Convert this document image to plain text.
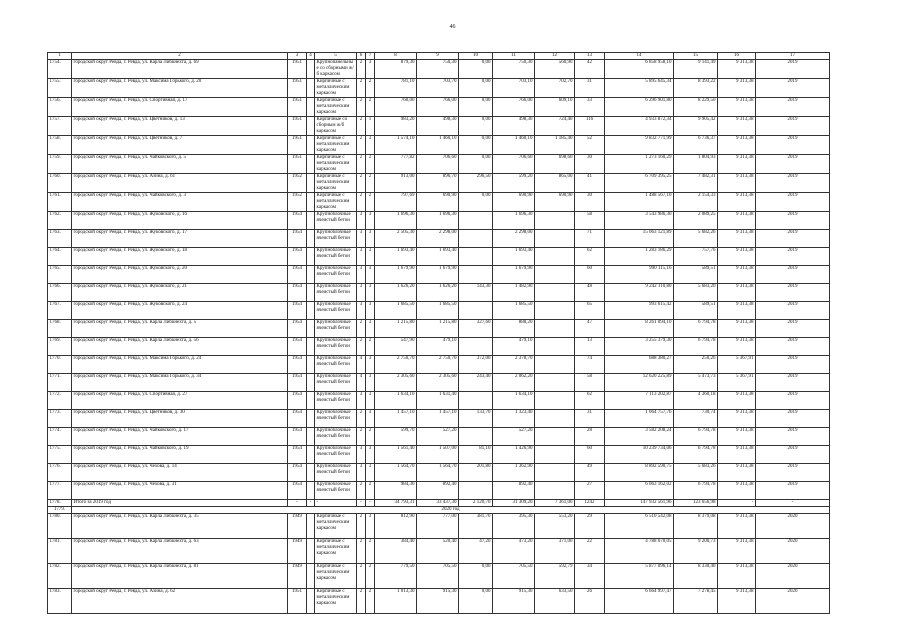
46
1	2	3	4	5	6	7	8	9	10	11	12	13	14	15	16	17
1754.	городской округ Ревда, г. Ревда, ул. Карла Либкнехта, д. 69	1951		Крупнопанельные со сборными ж/б каркасом	2	3	879,30	750,30	0,00	750,30	560,90	42	6 858 958,10	9 141,49	9 313,38	2019
1755.	городской округ Ревда, г. Ревда, ул. Максима Горького, д. 20	1951		Кирпичные с металлическим каркасом	2	2	781,10	703,70	0,00	703,10	702,70	31	5 895 645,34	8 393,22	9 313,38	2019
1756.	городской округ Ревда, г. Ревда, ул. Спортивная, д. 17	1951		Кирпичные с металлическим каркасом	2	2	760,00	766,00	0,00	766,00	609,10	33	6 296 901,80	8 229,50	9 313,38	2019
1757.	городской округ Ревда, г. Ревда, ул. Цветников, д. 13	1951		Кирпичные со сборным ж/б каркасом	2	1	983,20	498,30	0,00	498,30	724,40	116	4 933 872,34	9 905,42	9 313,38	2019
1758.	городской округ Ревда, г. Ревда, ул. Цветников, д. 7	1951		Кирпичные с металлическим каркасом	2	3	1 574,10	1 460,10	0,00	1 460,10	1 185,40	52	9 832 771,99	6 736,37	9 313,38	2019
1759.	городской округ Ревда, г. Ревда, ул. Чайковского, д. 5	1951		Кирпичные с металлическим каркасом	2	2	777,82	706,60	0,00	706,60	698,60	30	1 273 160,29	1 804,93	9 313,38	2019
1760.	городской округ Ревда, г. Ревда, ул. Азина, д. 61	1952		Кирпичные с металлическим каркасом	2	2	913,00	896,70	296,50	599,20	865,00	41	6 709 395,25	7 482,31	9 313,38	2019
1761.	городской округ Ревда, г. Ревда, ул. Чайковского, д. 3	1952		Кирпичные с металлическим каркасом	2	2	797,69	690,90	0,00	690,90	690,90	30	1 488 567,10	2 154,33	9 313,38	2019
1762.	городской округ Ревда, г. Ревда, ул. Жуковского, д. 16	1954		Крупноблочные ячеистый бетон	3	3	1 696,30	1 696,30		1 696,30		58	3 543 986,30	2 089,25	9 313,38	2019
1763.	городской округ Ревда, г. Ревда, ул. Жуковского, д. 17	1954		Крупноблочные ячеистый бетон	3	3	2 505,30	2 298,00		2 298,00		71	15 063 121,89	5 682,26	9 313,38	2019
1764.	городской округ Ревда, г. Ревда, ул. Жуковского, д. 18	1954		Крупноблочные ячеистый бетон	3	3	1 693,40	1 693,40		1 693,40		62	1 283 186,29	757,76	9 313,38	2019
1765.	городской округ Ревда, г. Ревда, ул. Жуковского, д. 20	1954		Крупноблочные ячеистый бетон	3	3	1 679,90	1 679,90		1 679,90		60	990 115,16	589,51	9 313,38	2019
1766.	городской округ Ревда, г. Ревда, ул. Жуковского, д. 21	1954		Крупноблочные ячеистый бетон	3	3	1 626,20	1 626,20	143,30	1 482,90		48	9 242 110,80	5 683,20	9 313,38	2019
1767.	городской округ Ревда, г. Ревда, ул. Жуковского, д. 24	1954		Крупноблочные ячеистый бетон	3	3	1 685,50	1 685,50		1 685,50		65	993 615,42	589,51	9 313,38	2019
1768.	городской округ Ревда, г. Ревда, ул. Карла Либкнехта, д. 5	1954		Крупноблочные ячеистый бетон	2	3	1 215,80	1 215,80	327,60	888,20		47	8 261 094,10	6 794,78	9 313,38	2019
1769.	городской округ Ревда, г. Ревда, ул. Карла Либкнехта, д. 56	1954		Крупноблочные ячеистый бетон	2	2	547,90	479,10		479,10		13	3 255 379,30	6 794,78	9 313,38	2019
1770.	городской округ Ревда, г. Ревда, ул. Максима Горького, д. 24	1954		Крупноблочные ячеистый бетон	4	3	2 750,70	2 750,70	372,00	2 378,70		74	688 380,27	250,26	5 367,91	2019
1771.	городской округ Ревда, г. Ревда, ул. Максима Горького, д. 34	1954		Крупноблочные ячеистый бетон	4	3	2 305,60	2 305,60	243,40	2 062,20		58	12 620 225,89	5 473,73	5 367,91	2019
1772.	городской округ Ревда, г. Ревда, ул. Спортивная, д. 27	1954		Крупноблочные ячеистый бетон	3	3	1 634,10	1 631,40		1 634,10		62	7 113 202,87	4 360,18	9 313,38	2019
1773.	городской округ Ревда, г. Ревда, ул. Цветников, д. 30	1954		Крупноблочные ячеистый бетон	2	3	1 457,10	1 457,10	133,70	1 323,40		31	1 064 757,76	730,74	9 313,38	2019
1774.	городской округ Ревда, г. Ревда, ул. Чайковского, д. 17	1954		Крупноблочные ячеистый бетон	2	2	599,70	527,20		527,20		28	3 582 208,24	6 794,78	9 313,38	2019
1775.	городской округ Ревда, г. Ревда, ул. Чайковского, д. 19	1954		Крупноблочные ячеистый бетон	3	3	1 561,40	1 507,00	81,10	1 426,90		60	10 239 734,06	6 794,78	9 313,38	2019
1776.	городской округ Ревда, г. Ревда, ул. Чехова, д. 14	1954		Крупноблочные ячеистый бетон	3	3	1 564,70	1 564,70	201,80	1 362,90		49	8 892 590,75	5 683,26	9 313,38	2019
1777.	городской округ Ревда, г. Ревда, ул. Чехова, д. 31	1954		Крупноблочные ячеистый бетон	2	2	984,30	892,40		892,40		27	6 063 162,02	6 794,78	9 313,38	2019
1778.	Итого за 2019 год	-	-	-	-	-	34 793,31	33 437,30	2 120,70	31 309,20	7 361,00	1242	147 932 561,96	123 656,98	-	-
1779.	2020 год															
1780.	городской округ Ревда, г. Ревда, ул. Карла Либкнехта, д. 35	1949		Кирпичные с металлическим каркасом	2	3	812,90	777,00	381,70	395,30	553,20	29	6 510 542,08	8 379,08	9 313,38	2020
1781.	городской округ Ревда, г. Ревда, ул. Карла Либкнехта, д. 63	1949		Кирпичные с металлическим каркасом	2	2	384,40	520,40	47,20	473,20	371,00	22	4 788 670,05	9 200,73	9 313,38	2020
1782.	городской округ Ревда, г. Ревда, ул. Карла Либкнехта, д. 81	1949		Кирпичные с металлическим каркасом	2	2	779,50	705,50	0,00	705,50	592,79	34	5 877 096,14	8 330,40	9 313,38	2020
1783.	городской округ Ревда, г. Ревда, ул. Азина, д. 62	1951		Кирпичные с металлическим каркасом	2	2	1 013,30	915,30	0,00	915,30	633,50	26	6 664 997,47	7 278,45	9 313,38	2020
